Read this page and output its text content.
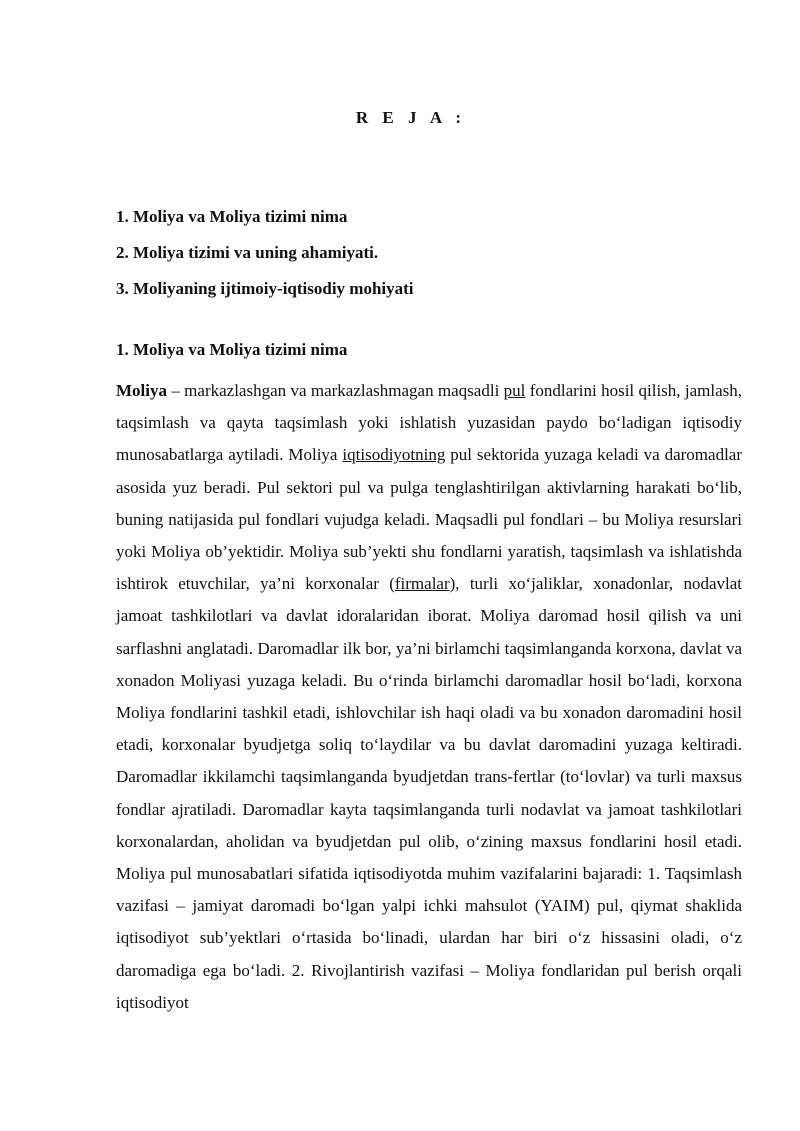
R E J A :
1. Moliya va Moliya tizimi nima
2. Moliya tizimi va uning ahamiyati.
3. Moliyaning ijtimoiy-iqtisodiy mohiyati
1. Moliya va Moliya tizimi nima

Moliya – markazlashgan va markazlashmagan maqsadli pul fondlarini hosil qilish, jamlash, taqsimlash va qayta taqsimlash yoki ishlatish yuzasidan paydo bo‘ladigan iqtisodiy munosabatlarga aytiladi. Moliya iqtisodiyotning pul sektorida yuzaga keladi va daromadlar asosida yuz beradi. Pul sektori pul va pulga tenglashtirilgan aktivlarning harakati bo‘lib, buning natijasida pul fondlari vujudga keladi. Maqsadli pul fondlari – bu Moliya resurslari yoki Moliya ob’yektidir. Moliya sub’yekti shu fondlarni yaratish, taqsimlash va ishlatishda ishtirok etuvchilar, ya’ni korxonalar (firmalar), turli xo‘jaliklar, xonadonlar, nodavlat jamoat tashkilotlari va davlat idoralaridan iborat. Moliya daromad hosil qilish va uni sarflashni anglatadi. Daromadlar ilk bor, ya’ni birlamchi taqsimlanganda korxona, davlat va xonadon Moliyasi yuzaga keladi. Bu o‘rinda birlamchi daromadlar hosil bo‘ladi, korxona Moliya fondlarini tashkil etadi, ishlovchilar ish haqi oladi va bu xonadon daromadini hosil etadi, korxonalar byudjetga soliq to‘laydilar va bu davlat daromadini yuzaga keltiradi. Daromadlar ikkilamchi taqsimlanganda byudjetdan trans-fertlar (to‘lovlar) va turli maxsus fondlar ajratiladi. Daromadlar kayta taqsimlanganda turli nodavlat va jamoat tashkilotlari korxonalardan, aholidan va byudjetdan pul olib, o‘zining maxsus fondlarini hosil etadi. Moliya pul munosabatlari sifatida iqtisodiyotda muhim vazifalarini bajaradi: 1. Taqsimlash vazifasi – jamiyat daromadi bo‘lgan yalpi ichki mahsulot (YAIM) pul, qiymat shaklida iqtisodiyot sub’yektlari o‘rtasida bo‘linadi, ulardan har biri o‘z hissasini oladi, o‘z daromadiga ega bo‘ladi. 2. Rivojlantirish vazifasi – Moliya fondlaridan pul berish orqali iqtisodiyot
